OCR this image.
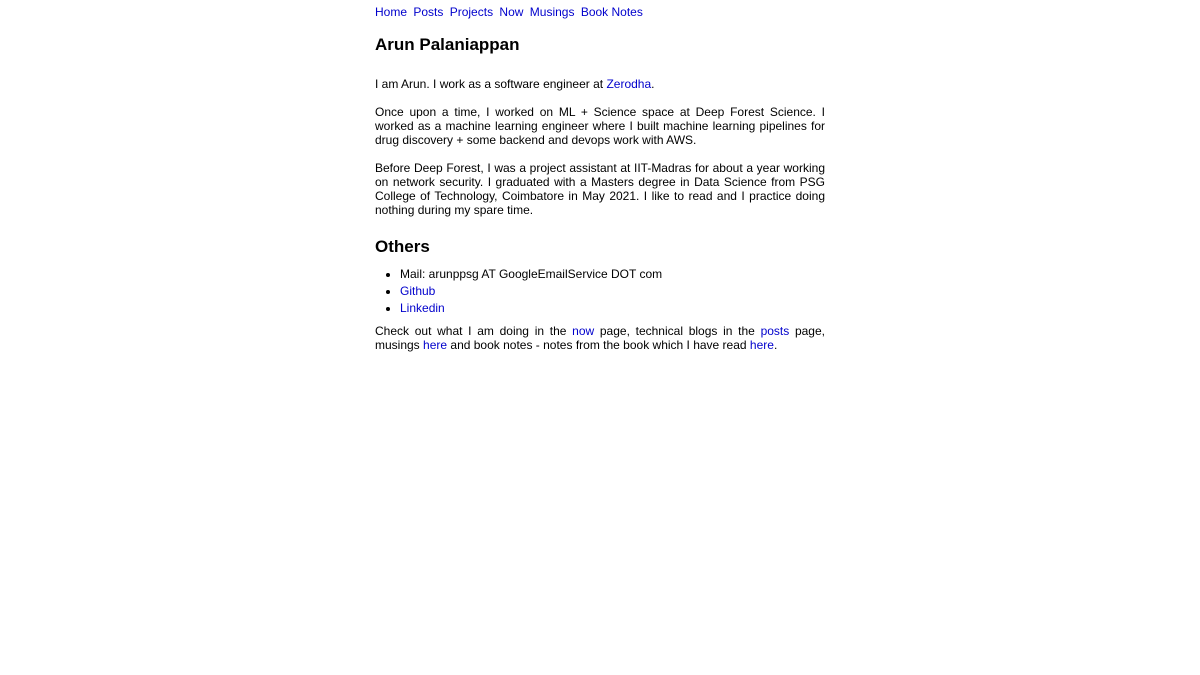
Home Posts Projects Now Musings Book Notes
Arun Palaniappan

I am Arun. I work as a software engineer at Zerodha.

Once upon a time, I worked on ML + Science space at Deep Forest Science. I worked as a machine learning engineer where I built machine learning pipelines for drug discovery + some backend and devops work with AWS.

Before Deep Forest, I was a project assistant at IIT-Madras for about a year working on network security. I graduated with a Masters degree in Data Science from PSG College of Technology, Coimbatore in May 2021. I like to read and I practice doing nothing during my spare time.

Others
• Mail: arunppsg AT GoogleEmailService DOT com
• Github
• Linkedin

Check out what I am doing in the now page, technical blogs in the posts page, musings here and book notes - notes from the book which I have read here.
